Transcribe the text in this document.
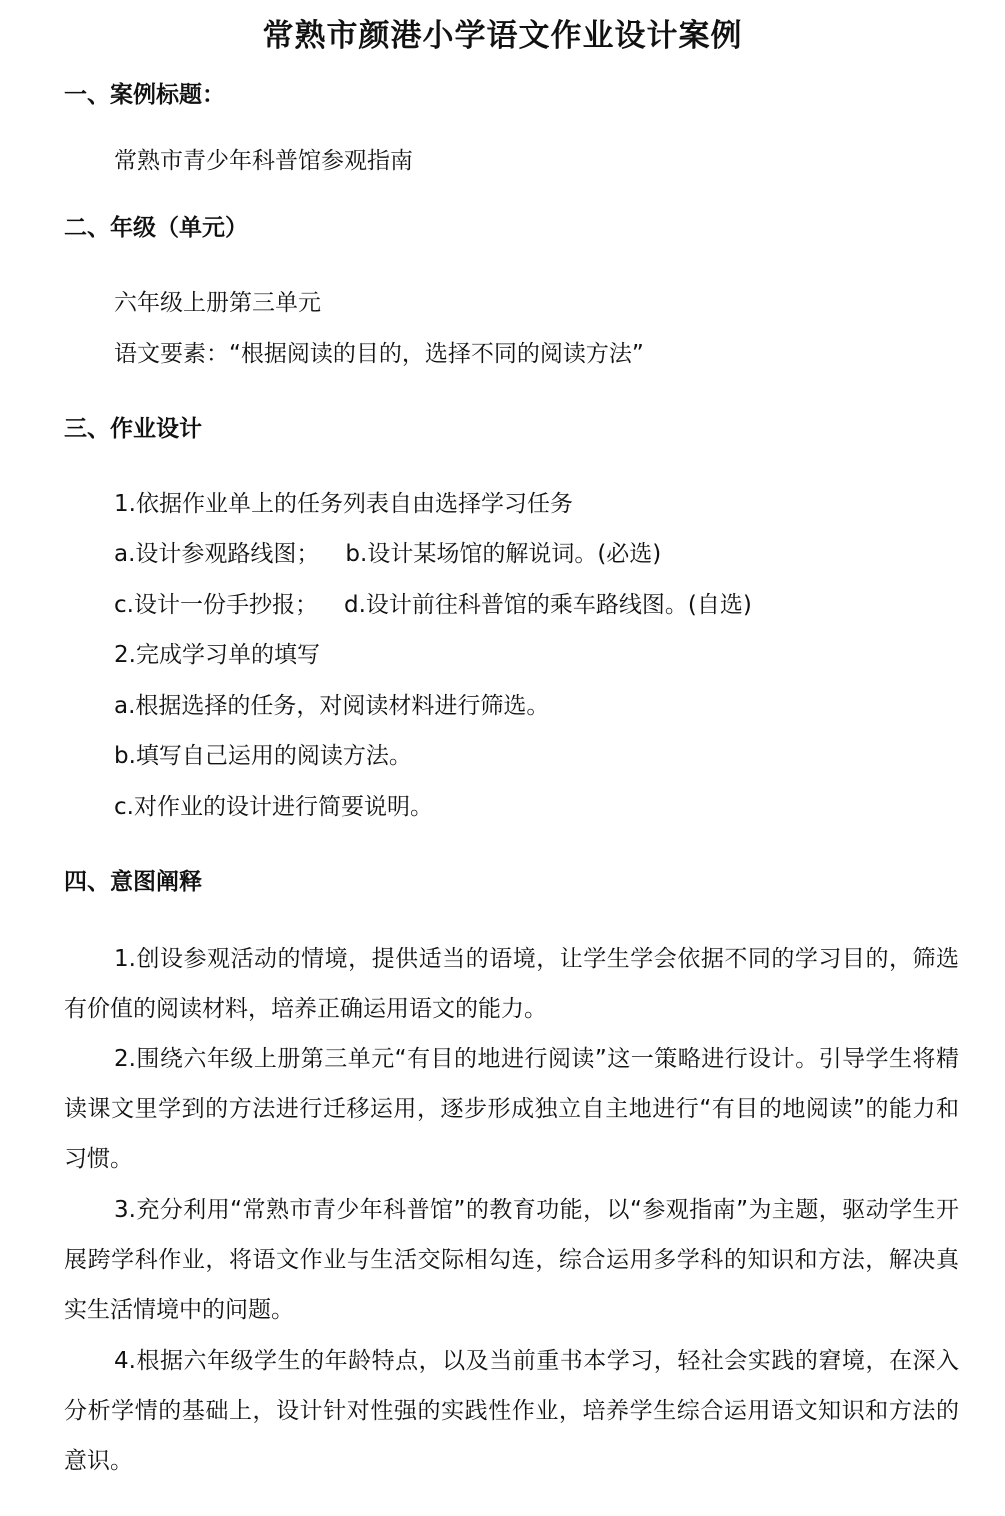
常熟市颜港小学语文作业设计案例
一、案例标题：
常熟市青少年科普馆参观指南
二、年级（单元）
六年级上册第三单元
语文要素：“根据阅读的目的，选择不同的阅读方法”
三、作业设计
1.依据作业单上的任务列表自由选择学习任务
a.设计参观路线图； b.设计某场馆的解说词。(必选)
c.设计一份手抄报； d.设计前往科普馆的乘车路线图。(自选)
2.完成学习单的填写
a.根据选择的任务，对阅读材料进行筛选。
b.填写自己运用的阅读方法。
c.对作业的设计进行简要说明。
四、意图阐释
1.创设参观活动的情境，提供适当的语境，让学生学会依据不同的学习目的，筛选有价值的阅读材料，培养正确运用语文的能力。
2.围绕六年级上册第三单元“有目的地进行阅读”这一策略进行设计。引导学生将精读课文里学到的方法进行迁移运用，逐步形成独立自主地进行“有目的地阅读”的能力和习惯。
3.充分利用“常熟市青少年科普馆”的教育功能，以“参观指南”为主题，驱动学生开展跨学科作业，将语文作业与生活交际相勾连，综合运用多学科的知识和方法，解决真实生活情境中的问题。
4.根据六年级学生的年龄特点，以及当前重书本学习，轻社会实践的窘境，在深入分析学情的基础上，设计针对性强的实践性作业，培养学生综合运用语文知识和方法的意识。
